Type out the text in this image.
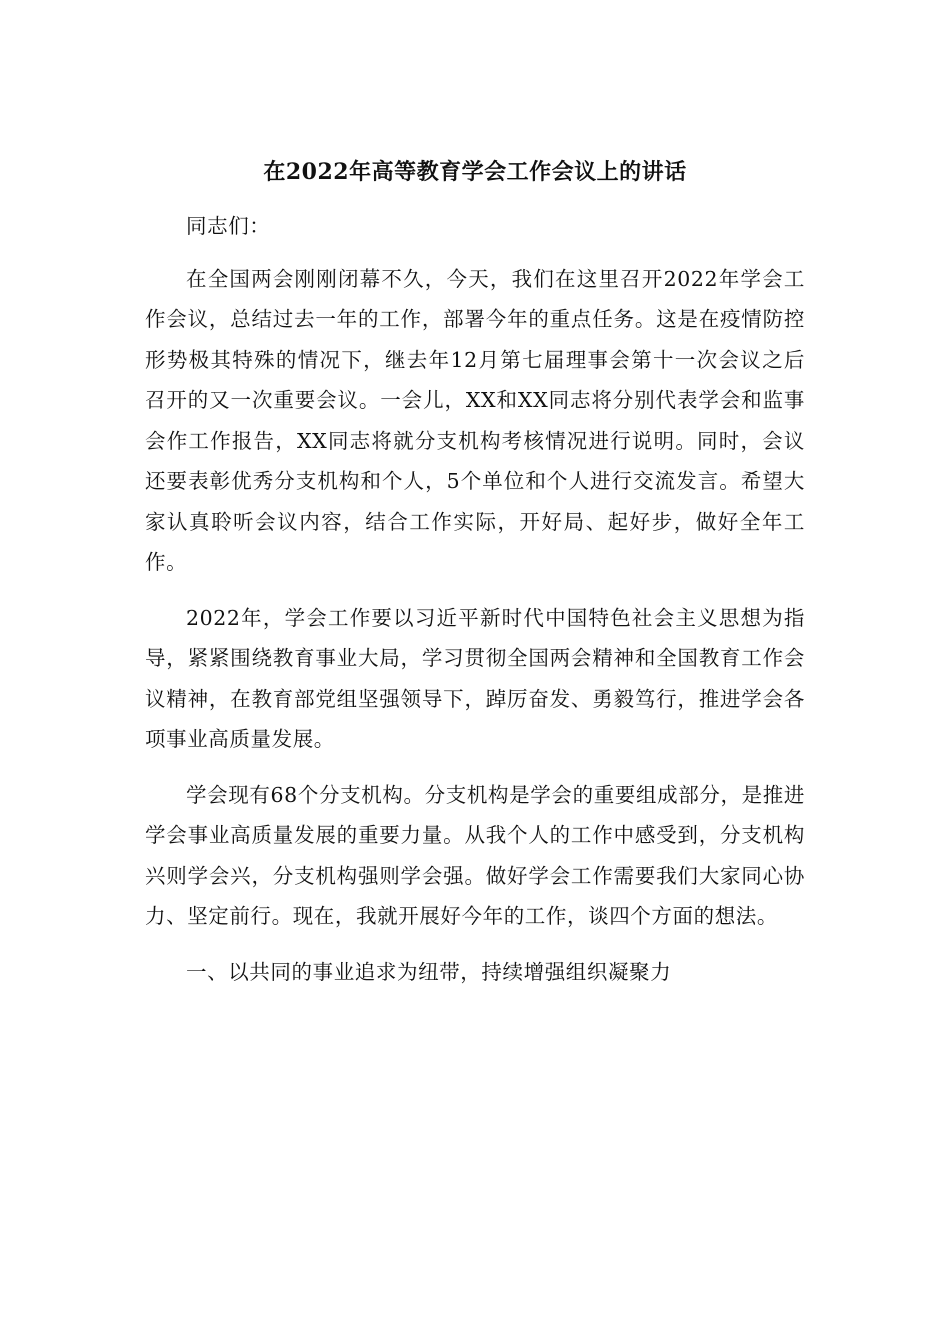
在2022年高等教育学会工作会议上的讲话

同志们：

在全国两会刚刚闭幕不久，今天，我们在这里召开2022年学会工作会议，总结过去一年的工作，部署今年的重点任务。这是在疫情防控形势极其特殊的情况下，继去年12月第七届理事会第十一次会议之后召开的又一次重要会议。一会儿，XX和XX同志将分别代表学会和监事会作工作报告，XX同志将就分支机构考核情况进行说明。同时，会议还要表彰优秀分支机构和个人，5个单位和个人进行交流发言。希望大家认真聆听会议内容，结合工作实际，开好局、起好步，做好全年工作。

2022年，学会工作要以习近平新时代中国特色社会主义思想为指导，紧紧围绕教育事业大局，学习贯彻全国两会精神和全国教育工作会议精神，在教育部党组坚强领导下，踔厉奋发、勇毅笃行，推进学会各项事业高质量发展。

学会现有68个分支机构。分支机构是学会的重要组成部分，是推进学会事业高质量发展的重要力量。从我个人的工作中感受到，分支机构兴则学会兴，分支机构强则学会强。做好学会工作需要我们大家同心协力、坚定前行。现在，我就开展好今年的工作，谈四个方面的想法。

一、以共同的事业追求为纽带，持续增强组织凝聚力
